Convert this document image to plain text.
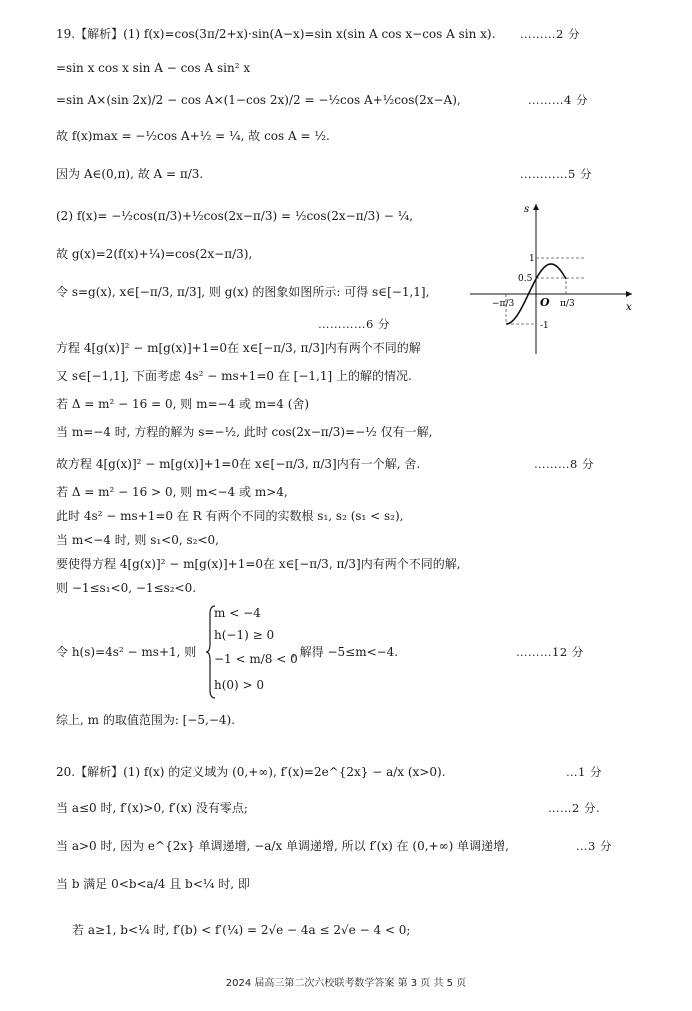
19.【解析】(1) f(x)=cos(3π/2+x)·sin(A−x)=sin x(sin A cos x−cos A sin x). ………2 分
=sin x cos x sin A − cos A sin² x
=sin A×(sin 2x)/2 − cos A×(1−cos 2x)/2 = −½cos A+½cos(2x−A),	………4 分
故 f(x)max = −½cos A+½ = ¼, 故 cos A = ½.
因为 A∈(0,π), 故 A = π/3.	…………5 分
(2) f(x)= −½cos(π/3)+½cos(2x−π/3) = ½cos(2x−π/3) − ¼,
故 g(x)=2(f(x)+¼)=cos(2x−π/3),
令 s=g(x), x∈[−π/3, π/3], 则 g(x) 的图象如图所示: 可得 s∈[−1,1],
…………6 分
方程 4[g(x)]² − m[g(x)]+1=0在 x∈[−π/3, π/3]内有两个不同的解
又 s∈[−1,1], 下面考虑 4s² − ms+1=0 在 [−1,1] 上的解的情况.
若 Δ = m² − 16 = 0, 则 m=−4 或 m=4 (舍)
当 m=−4 时, 方程的解为 s=−½, 此时 cos(2x−π/3)=−½ 仅有一解,
故方程 4[g(x)]² − m[g(x)]+1=0在 x∈[−π/3, π/3]内有一个解, 舍.	………8 分
若 Δ = m² − 16 > 0, 则 m<−4 或 m>4,
此时 4s² − ms+1=0 在 R 有两个不同的实数根 s₁, s₂ (s₁ < s₂),
当 m<−4 时, 则 s₁<0, s₂<0,
要使得方程 4[g(x)]² − m[g(x)]+1=0在 x∈[−π/3, π/3]内有两个不同的解,
则 −1≤s₁<0, −1≤s₂<0.
令 h(s)=4s² − ms+1, 则	………12 分
m < −4
h(−1) ≥ 0
−1 < m/8 < 0
h(0) > 0
, 解得 −5≤m<−4.
综上, m 的取值范围为: [−5,−4).
20.【解析】(1) f(x) 的定义域为 (0,+∞), f′(x)=2e^{2x} − a/x (x>0).	…1 分
当 a≤0 时, f′(x)>0, f′(x) 没有零点;	……2 分.
当 a>0 时, 因为 e^{2x} 单调递增, −a/x 单调递增, 所以 f′(x) 在 (0,+∞) 单调递增,	…3 分
当 b 满足 0<b<a/4 且 b<¼ 时, 即
若 a≥1, b<¼ 时, f′(b) < f′(¼) = 2√e − 4a ≤ 2√e − 4 < 0;
s
x
O
1
0.5
-1
−π/3	π/3
2024 届高三第二次六校联考数学答案 第 3 页 共 5 页
